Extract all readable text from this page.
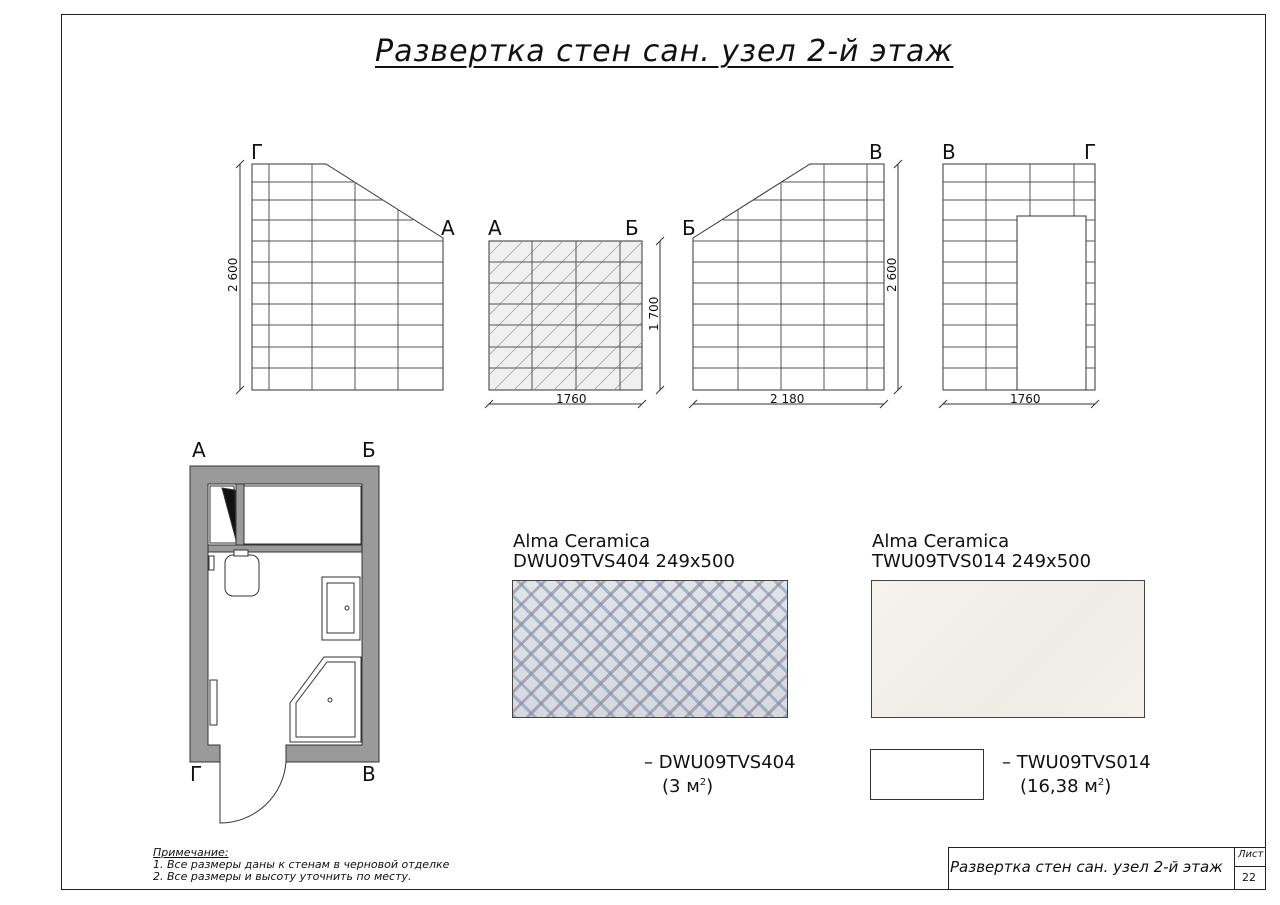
Развертка стен сан. узел 2-й этаж
Г
А
2 600
А	Б
1 700
1760
Б
В
2 600
2 180
В	Г
1760
А	Б
Г	В
Alma Ceramica
DWU09TVS404 249x500
Alma Ceramica
TWU09TVS014 249x500
– DWU09TVS404
(3 $м^2$)
– TWU09TVS014
(16,38 $м^2$)
Примечание:
1. Все размеры даны к стенам в черновой отделке
2. Все размеры и высоту уточнить по месту.
Развертка стен сан. узел 2-й этаж
Лист
22
